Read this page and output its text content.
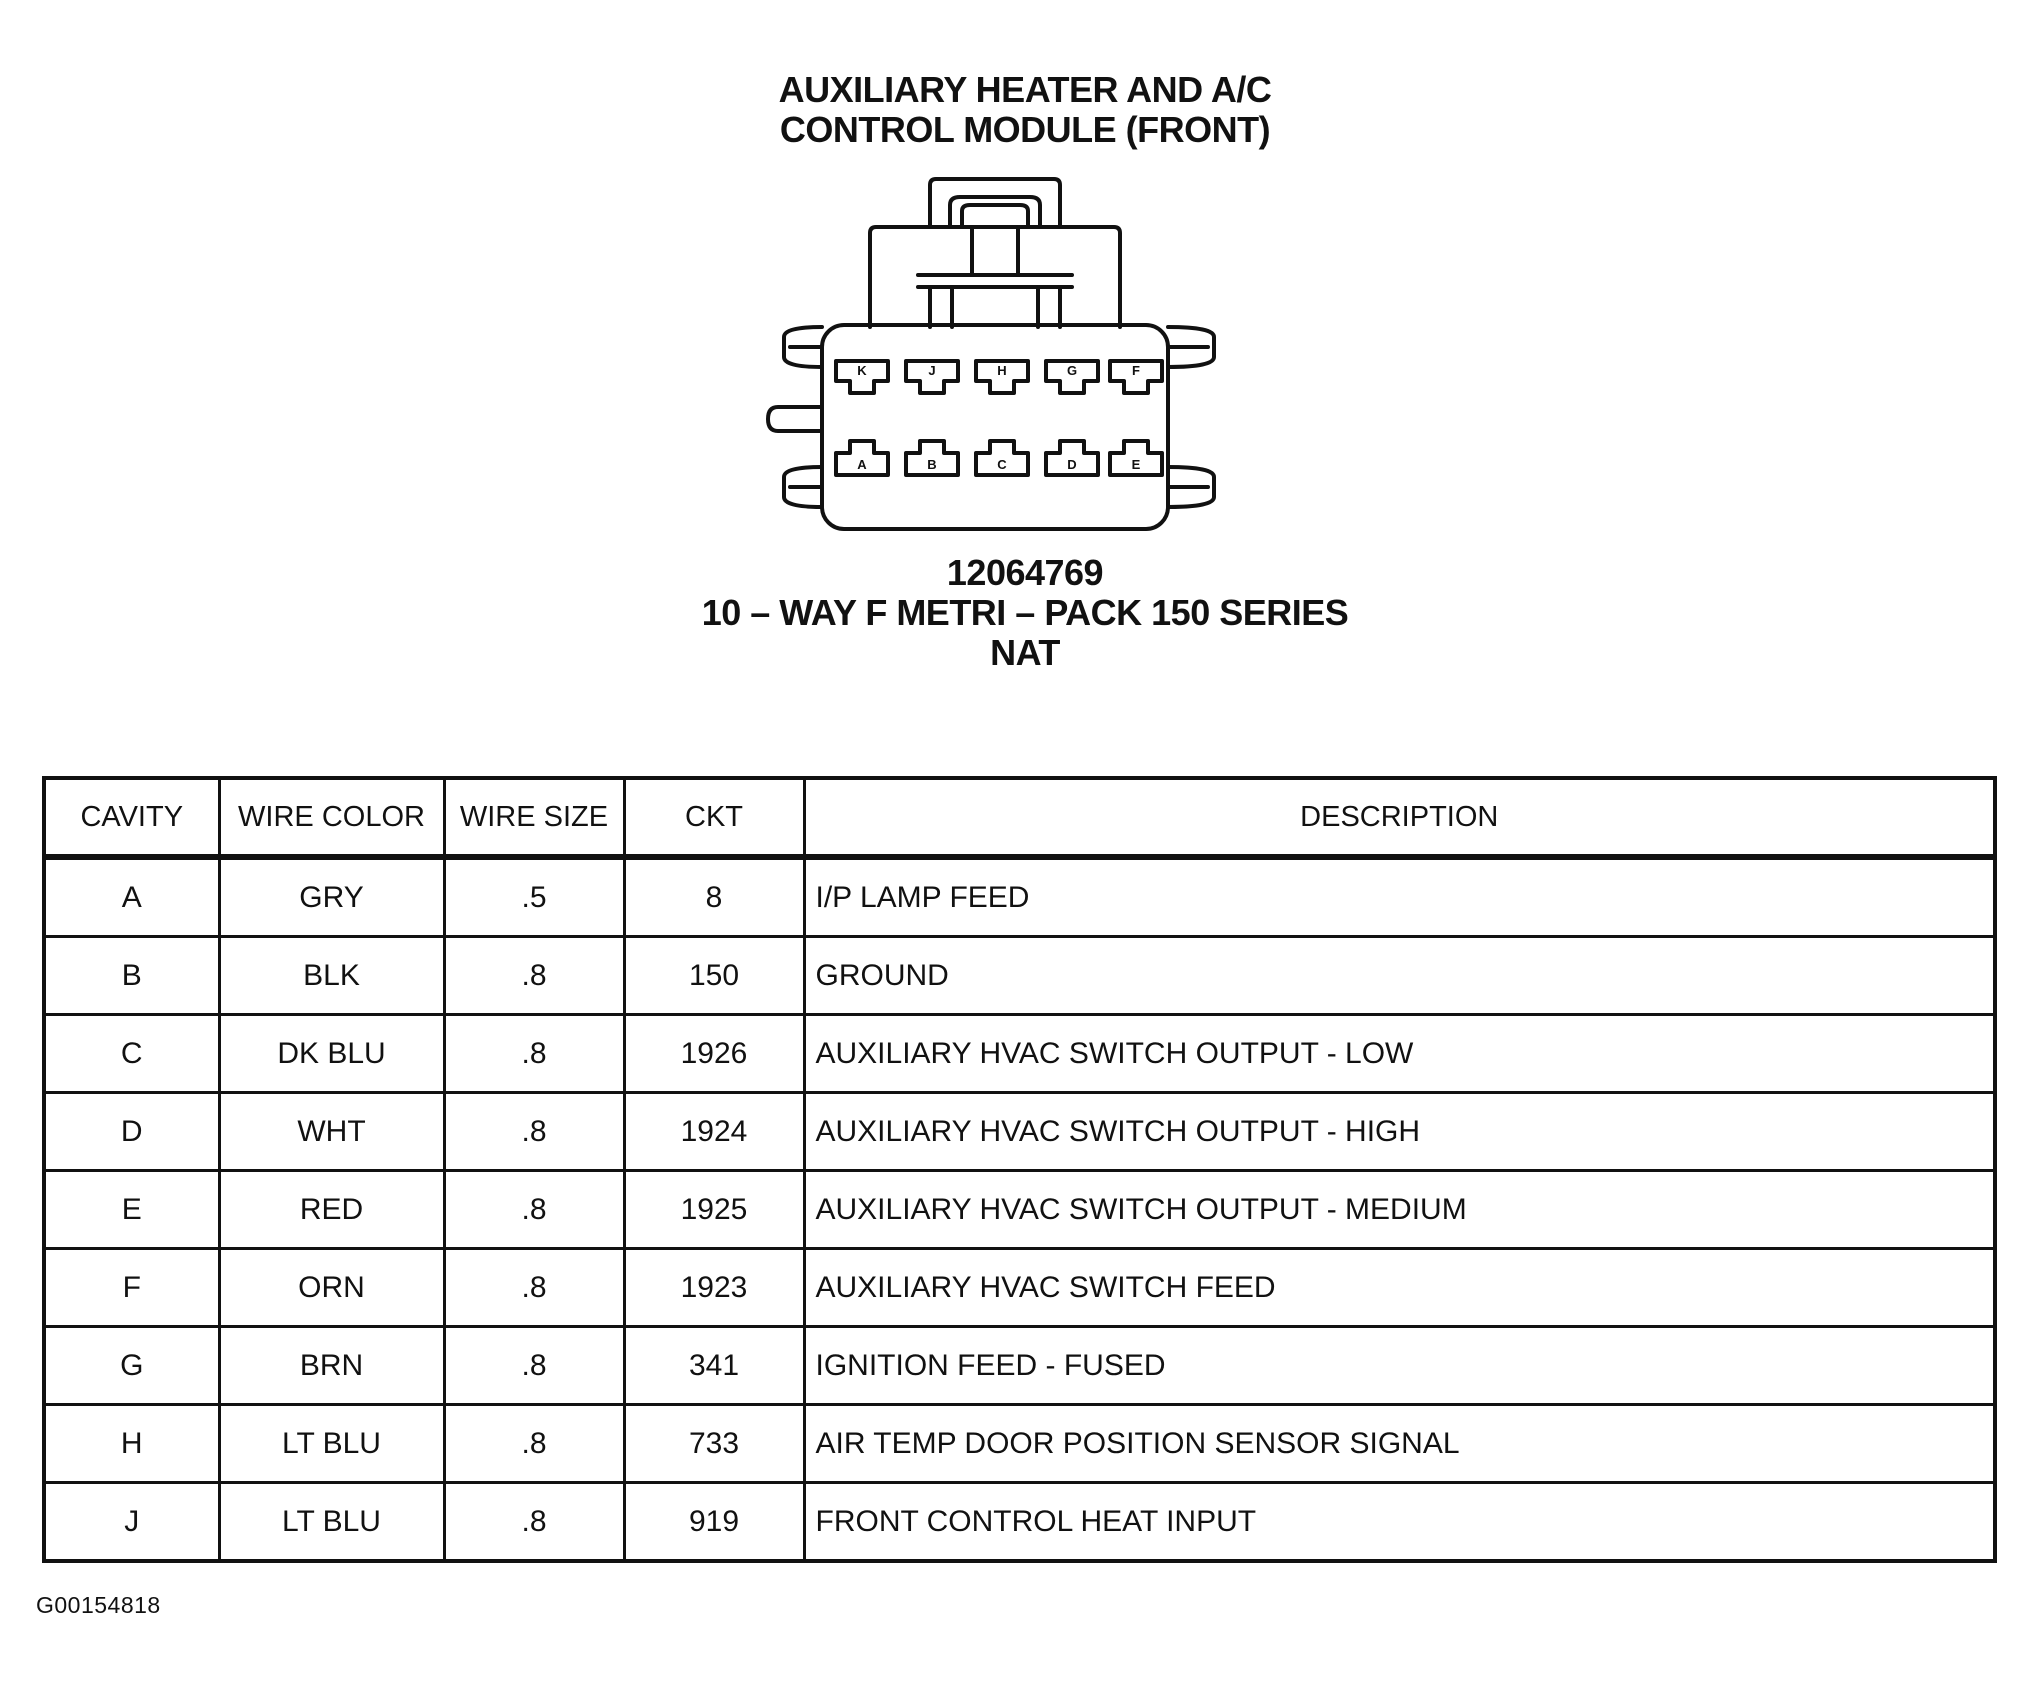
AUXILIARY HEATER AND A/C
CONTROL MODULE (FRONT)
K	J	H	G	F
A	B	C	D	E
12064769
10 – WAY F METRI – PACK 150 SERIES
NAT
CAVITY	WIRE COLOR	WIRE SIZE	CKT	DESCRIPTION
A	GRY	.5	8	I/P LAMP FEED
B	BLK	.8	150	GROUND
C	DK BLU	.8	1926	AUXILIARY HVAC SWITCH OUTPUT - LOW
D	WHT	.8	1924	AUXILIARY HVAC SWITCH OUTPUT - HIGH
E	RED	.8	1925	AUXILIARY HVAC SWITCH OUTPUT - MEDIUM
F	ORN	.8	1923	AUXILIARY HVAC SWITCH FEED
G	BRN	.8	341	IGNITION FEED - FUSED
H	LT BLU	.8	733	AIR TEMP DOOR POSITION SENSOR SIGNAL
J	LT BLU	.8	919	FRONT CONTROL HEAT INPUT
G00154818
